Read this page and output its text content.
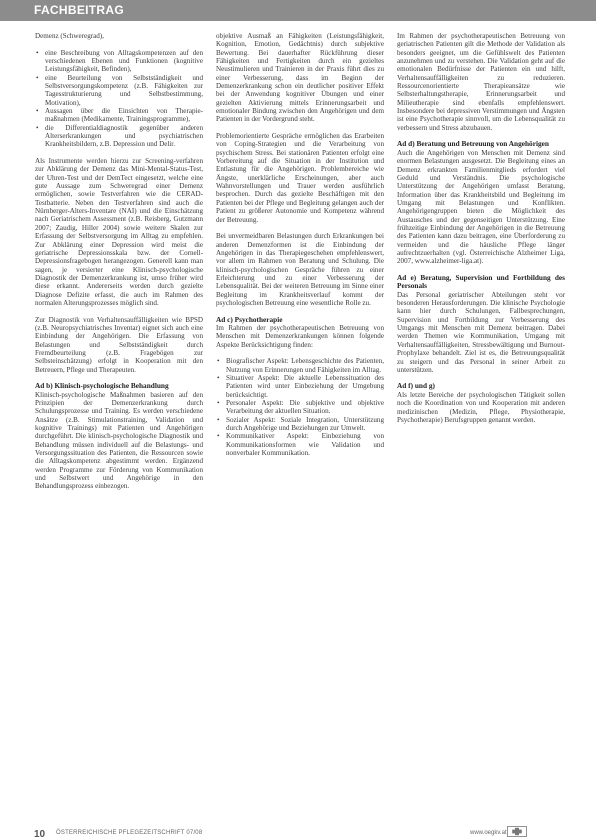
FACHBEITRAG

Demenz (Schweregrad),

• eine Beschreibung von Alltagskompetenzen auf den verschiedenen Ebenen und Funktionen (kognitive Leistungsfähigkeit, Befinden),
• eine Beurteilung von Selbstständigkeit und Selbstversorgungskompetenz (z.B. Fähigkeiten zur Tagesstrukturierung und Selbstbestimmung, Motivation),
• Aussagen über die Einsichten von Therapie-maßnahmen (Medikamente, Trainingsprogramme),
• die Differentialdiagnostik gegenüber anderen Alterserkrankungen und psychiatrischen Krankheitsbildern, z.B. Depression und Delir.

Als Instrumente werden hierzu zur Screening-verfahren zur Abklärung der Demenz das Mini-Mental-Status-Test, der Uhren-Test und der DemTect eingesetzt, welche eine gute Aussage zum Schweregrad einer Demenz ermöglichen, sowie Testverfahren wie die CERAD-Testbatterie. Neben den Testverfahren sind auch die Nürnberger-Alters-Inventare (NAI) und die Einschätzung nach Geriatrischem Assessment (z.B. Reisberg, Gutzmann 2007; Zaudig, Hiller 2004) sowie weitere Skalen zur Erfassung der Selbstversorgung im Alltag zu empfehlen. Zur Abklärung einer Depression wird meist die geriatrische Depressionsskala bzw. der Cornell-Depressionsfragebogen herangezogen. Generell kann man sagen, je versierter eine Klinisch-psychologische Diagnostik der Demenzerkrankung ist, umso früher wird diese erkannt. Andererseits werden durch gezielte Diagnose Defizite erfasst, die auch im Rahmen des normalen Alterungsprozesses möglich sind.

Zur Diagnostik von Verhaltensauffälligkeiten wie BPSD (z.B. Neuropsychiatrisches Inventar) eignet sich auch eine Einbindung der Angehörigen. Die Erfassung von Belastungen und Selbstständigkeit durch Fremdbeurteilung (z.B. Fragebögen zur Selbsteinschätzung) erfolgt in Kooperation mit den Betreuern, Pflege und Therapeuten.

Ad b) Klinisch-psychologische Behandlung

Klinisch-psychologische Maßnahmen basieren auf den Prinzipien der Demenzerkrankung durch Schulungsprozesse und Training. Es werden verschiedene Ansätze (z.B. Stimulationstraining, Validation und kognitive Trainings) mit Patienten und Angehörigen durchgeführt. Die klinisch-psychologische Diagnostik und Behandlung müssen individuell auf die Belastungs- und Versorgungssituation des Patienten, die Ressourcen sowie die Alltagskompetenz abgestimmt werden. Ergänzend werden Programme zur Förderung von Kommunikation und Selbstwert und Angehörige in den Behandlungsprozess einbezogen.

objektive Ausmaß an Fähigkeiten (Leistungsfähigkeit, Kognition, Emotion, Gedächtnis) durch subjektive Bewertung. Bei dauerhafter Rückführung dieser Fähigkeiten und Fertigkeiten durch ein gezieltes Neustimulieren und Trainieren in der Praxis führt dies zu einer Verbesserung, dass im Beginn der Demenzerkrankung schon ein deutlicher positiver Effekt bei der Anwendung kognitiver Übungen und einer gezielten Aktivierung mittels Erinnerungsarbeit und emotionaler Bindung zwischen den Angehörigen und dem Patienten in der Vordergrund steht.

Problemorientierte Gespräche ermöglichen das Erarbeiten von Coping-Strategien und die Verarbeitung von psychischem Stress. Bei stationären Patienten erfolgt eine Vorbereitung auf die Situation in der Institution und Entlastung für die Angehörigen. Problembereiche wie Ängste, unerklärliche Erscheinungen, aber auch Wahnvorstellungen und Trauer werden ausführlich besprochen. Durch das gezielte Beschäftigen mit den Patienten bei der Pflege und Begleitung gelangen auch der Patient zu größerer Autonomie und Kompetenz während der Betreuung.

Bei unvermeidbaren Belastungen durch Erkrankungen bei anderen Demenzformen ist die Einbindung der Angehörigen in das Therapiegeschehen empfehlenswert, vor allem im Rahmen von Beratung und Schulung. Die klinisch-psychologischen Gespräche führen zu einer Erleichterung und zu einer Verbesserung der Lebensqualität. Bei der weiteren Betreuung im Sinne einer Begleitung im Krankheitsverlauf kommt der psychologischen Betreuung eine wesentliche Rolle zu.

Ad c) Psychotherapie

Im Rahmen der psychotherapeutischen Betreuung von Menschen mit Demenzerkrankungen können folgende Aspekte Berücksichtigung finden:

• Biografischer Aspekt: Lebensgeschichte des Patienten, Nutzung von Erinnerungen und Fähigkeiten im Alltag.
• Situativer Aspekt: Die aktuelle Lebenssituation des Patienten wird unter Einbeziehung der Umgebung berücksichtigt.
• Personaler Aspekt: Die subjektive und objektive Verarbeitung der aktuellen Situation.
• Sozialer Aspekt: Soziale Integration, Unterstützung durch Angehörige und Beziehungen zur Umwelt.
• Kommunikativer Aspekt: Einbeziehung von Kommunikationsformen wie Validation und nonverbaler Kommunikation.

Im Rahmen der psychotherapeutischen Betreuung von geriatrischen Patienten gilt die Methode der Validation als besonders geeignet, um die Gefühlswelt des Patienten anzunehmen und zu verstehen. Die Validation geht auf die emotionalen Bedürfnisse der Patienten ein und hilft, Verhaltensauffälligkeiten zu reduzieren. Ressourcenorientierte Therapieansätze wie Selbsterhaltungstherapie, Erinnerungsarbeit und Milieutherapie sind ebenfalls empfehlenswert. Insbesondere bei depressiven Verstimmungen und Ängsten ist eine Psychotherapie sinnvoll, um die Lebensqualität zu verbessern und Stress abzubauen.

Ad d) Beratung und Betreuung von Angehörigen

Auch die Angehörigen von Menschen mit Demenz sind enormen Belastungen ausgesetzt. Die Begleitung eines an Demenz erkrankten Familienmitglieds erfordert viel Geduld und Verständnis. Die psychologische Unterstützung der Angehörigen umfasst Beratung, Information über das Krankheitsbild und Begleitung im Umgang mit Belastungen und Konflikten. Angehörigengruppen bieten die Möglichkeit des Austausches und der gegenseitigen Unterstützung. Eine frühzeitige Einbindung der Angehörigen in die Betreuung des Patienten kann dazu beitragen, eine Überforderung zu vermeiden und die häusliche Pflege länger aufrechtzuerhalten (vgl. Österreichische Alzheimer Liga, 2007, www.alzheimer-liga.at).

Ad e) Beratung, Supervision und Fortbildung des Personals

Das Personal geriatrischer Abteilungen steht vor besonderen Herausforderungen. Die klinische Psychologie kann hier durch Schulungen, Fallbesprechungen, Supervision und Fortbildung zur Verbesserung des Umgangs mit Menschen mit Demenz beitragen. Dabei werden Themen wie Kommunikation, Umgang mit Verhaltensauffälligkeiten, Stressbewältigung und Burnout-Prophylaxe behandelt. Ziel ist es, die Betreuungsqualität zu steigern und das Personal in seiner Arbeit zu unterstützen.

Ad f) und g)

Als letzte Bereiche der psychologischen Tätigkeit sollen noch die Koordination von und Kooperation mit anderen medizinischen (Medizin, Pflege, Physiotherapie, Psychotherapie) Berufsgruppen genannt werden.

10 ÖSTERREICHISCHE PFLEGEZEITSCHRIFT 07/08	www.oegkv.at
